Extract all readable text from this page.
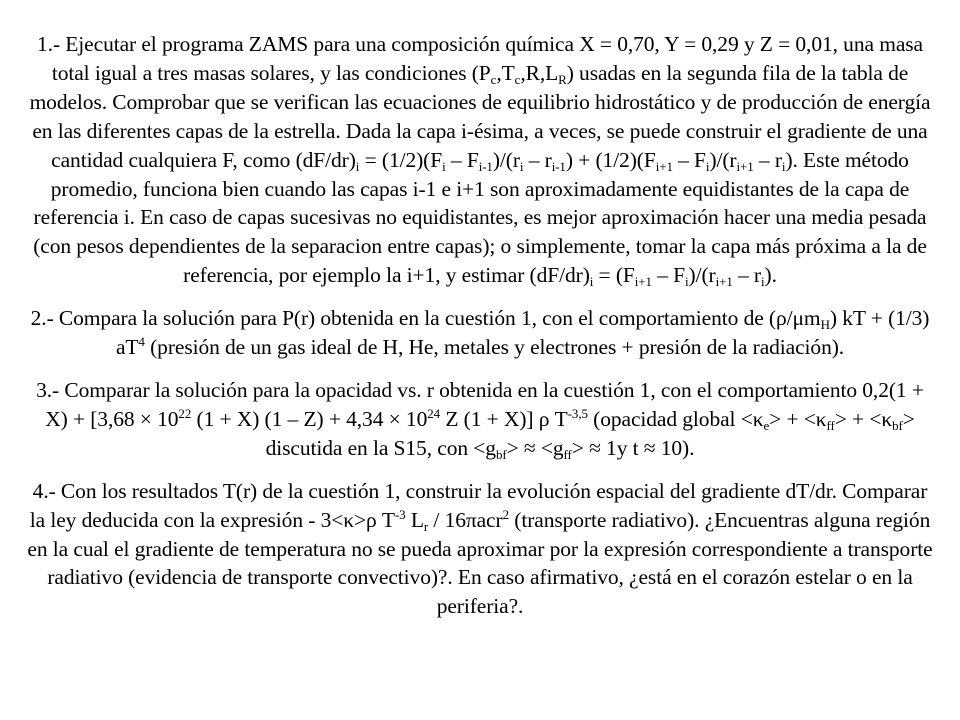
1.- Ejecutar el programa ZAMS para una composición química X = 0,70, Y = 0,29 y Z = 0,01, una masa total igual a tres masas solares, y las condiciones $(P_c,T_c,R,L_R)$ usadas en la segunda fila de la tabla de modelos. Comprobar que se verifican las ecuaciones de equilibrio hidrostático y de producción de energía en las diferentes capas de la estrella. Dada la capa i-ésima, a veces, se puede construir el gradiente de una cantidad cualquiera F, como $(dF/dr)_i = (1/2)(F_i - F_{i-1})/(r_i - r_{i-1}) + (1/2)(F_{i+1} - F_i)/(r_{i+1} - r_i)$. Este método promedio, funciona bien cuando las capas i-1 e i+1 son aproximadamente equidistantes de la capa de referencia i. En caso de capas sucesivas no equidistantes, es mejor aproximación hacer una media pesada (con pesos dependientes de la separacion entre capas); o simplemente, tomar la capa más próxima a la de referencia, por ejemplo la i+1, y estimar $(dF/dr)_i = (F_{i+1} - F_i)/(r_{i+1} - r_i)$.

2.- Compara la solución para P(r) obtenida en la cuestión 1, con el comportamiento de $(\rho/\mu m_H)$ kT + (1/3) $aT^4$ (presión de un gas ideal de H, He, metales y electrones + presión de la radiación).

3.- Comparar la solución para la opacidad vs. r obtenida en la cuestión 1, con el comportamiento $0,2(1 + X) + [3,68 \times 10^{22}$ (1 + X) $(1 - Z) + 4,34 \times 10^{24}$ Z (1 + X)] ρ $T^{-3,5}$ (opacidad global $<\kappa_e> + <\kappa_{ff}> + <\kappa_{bf}>$ discutida en la S15, con $<g_{bf}> \approx <g_{ff}> \approx 1y$ t ≈ 10).

4.- Con los resultados T(r) de la cuestión 1, construir la evolución espacial del gradiente dT/dr. Comparar la ley deducida con la expresión - 3<κ>ρ $T^{-3}$ $L_r / 16\pi acr^2$ (transporte radiativo). ¿Encuentras alguna región en la cual el gradiente de temperatura no se pueda aproximar por la expresión correspondiente a transporte radiativo (evidencia de transporte convectivo)?. En caso afirmativo, ¿está en el corazón estelar o en la periferia?.
